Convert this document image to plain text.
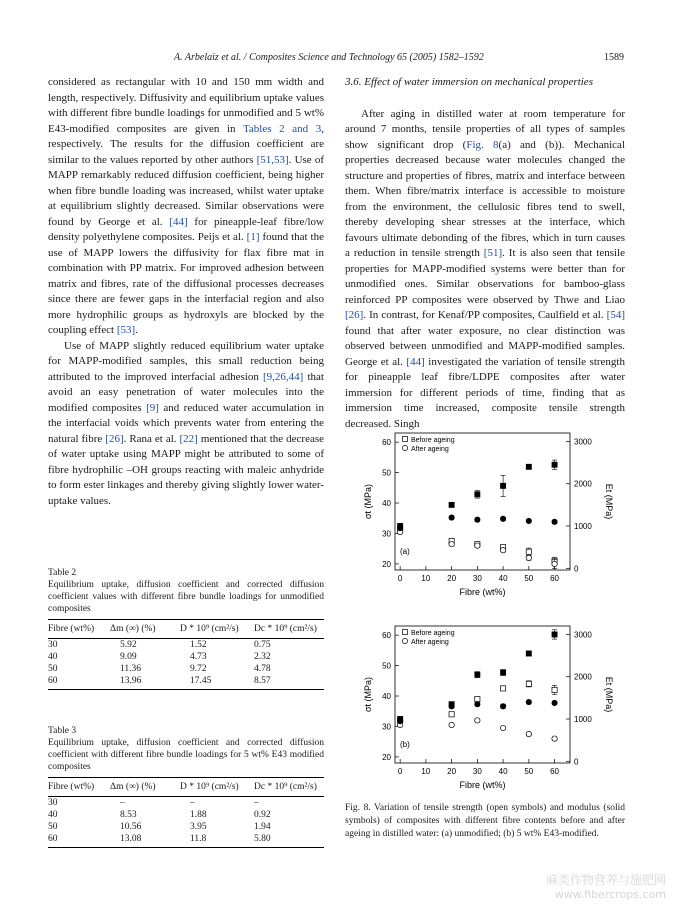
A. Arbelaiz et al. / Composites Science and Technology 65 (2005) 1582–1592	1589

considered as rectangular with 10 and 150 mm width and length, respectively. Diffusivity and equilibrium uptake values with different fibre bundle loadings for unmodified and 5 wt% E43-modified composites are given in Tables 2 and 3, respectively. The results for the diffusion coefficient are similar to the values reported by other authors [51,53]. Use of MAPP remarkably reduced diffusion coefficient, being higher when fibre bundle loading was increased, whilst water uptake at equilibrium slightly decreased. Similar observations were found by George et al. [44] for pineapple-leaf fibre/low density polyethylene composites. Peijs et al. [1] found that the use of MAPP lowers the diffusivity for flax fibre mat in combination with PP matrix. For improved adhesion between matrix and fibres, rate of the diffusional processes decreases since there are fewer gaps in the interfacial region and also more hydrophilic groups as hydroxyls are blocked by the coupling effect [53].

Use of MAPP slightly reduced equilibrium water uptake for MAPP-modified samples, this small reduction being attributed to the improved interfacial adhesion [9,26,44] that avoid an easy penetration of water molecules into the modified composites [9] and reduced water accumulation in the interfacial voids which prevents water from entering the natural fibre [26]. Rana et al. [22] mentioned that the decrease of water uptake using MAPP might be attributed to some of fibre hydrophilic –OH groups reacting with maleic anhydride to form ester linkages and thereby giving slightly lower water-uptake values.

3.6. Effect of water immersion on mechanical properties

After aging in distilled water at room temperature for around 7 months, tensile properties of all types of samples show significant drop (Fig. 8(a) and (b)). Mechanical properties decreased because water molecules changed the structure and properties of fibres, matrix and interface between them. When fibre/matrix interface is accessible to moisture from the environment, the cellulosic fibres tend to swell, thereby developing shear stresses at the interface, which favours ultimate debonding of the fibres, which in turn causes a reduction in tensile strength [51]. It is also seen that tensile properties for MAPP-modified systems were better than for unmodified ones. Similar observations for bamboo-glass reinforced PP composites were observed by Thwe and Liao [26]. In contrast, for Kenaf/PP composites, Caulfield et al. [54] found that after water exposure, no clear distinction was observed between unmodified and MAPP-modified samples. George et al. [44] investigated the variation of tensile strength for pineapple leaf fibre/LDPE composites after water immersion for different periods of time, finding that as immersion time increased, composite tensile strength decreased. Singh

Table 2

Equilibrium uptake, diffusion coefficient and corrected diffusion coefficient values with different fibre bundle loadings for unmodified composites

Fibre (wt%)	Δm (∞) (%)	D * 10⁹ (cm²/s)	Dc * 10⁹ (cm²/s)
30	5.92	1.52	0.75
40	9.09	4.73	2.32
50	11.36	9.72	4.78
60	13.96	17.45	8.57

Table 3

Equilibrium uptake, diffusion coefficient and corrected diffusion coefficient with different fibre bundle loadings for 5 wt% E43 modified composites

Fibre (wt%)	Δm (∞) (%)	D * 10⁹ (cm²/s)	Dc * 10⁹ (cm²/s)
30	–	–	–
40	8.53	1.88	0.92
50	10.56	3.95	1.94
60	13.08	11.8	5.80
0 10 20 30 40 50 60
20
30
40
50
60
0
1000
2000
3000
Fibre (wt%)
σt (MPa)	Et (MPa)
(a)
Before ageing
After ageing
0 10 20 30 40 50 60
20
30
40
50
60
0
1000
2000
3000
Fibre (wt%)
σt (MPa)	Et (MPa)
(b)
Before ageing
After ageing

Fig. 8. Variation of tensile strength (open symbols) and modulus (solid symbols) of composites with different fibre contents before and after ageing in distilled water: (a) unmodified; (b) 5 wt% E43-modified.

麻类作物营养与施肥网
www.fibercrops.com
